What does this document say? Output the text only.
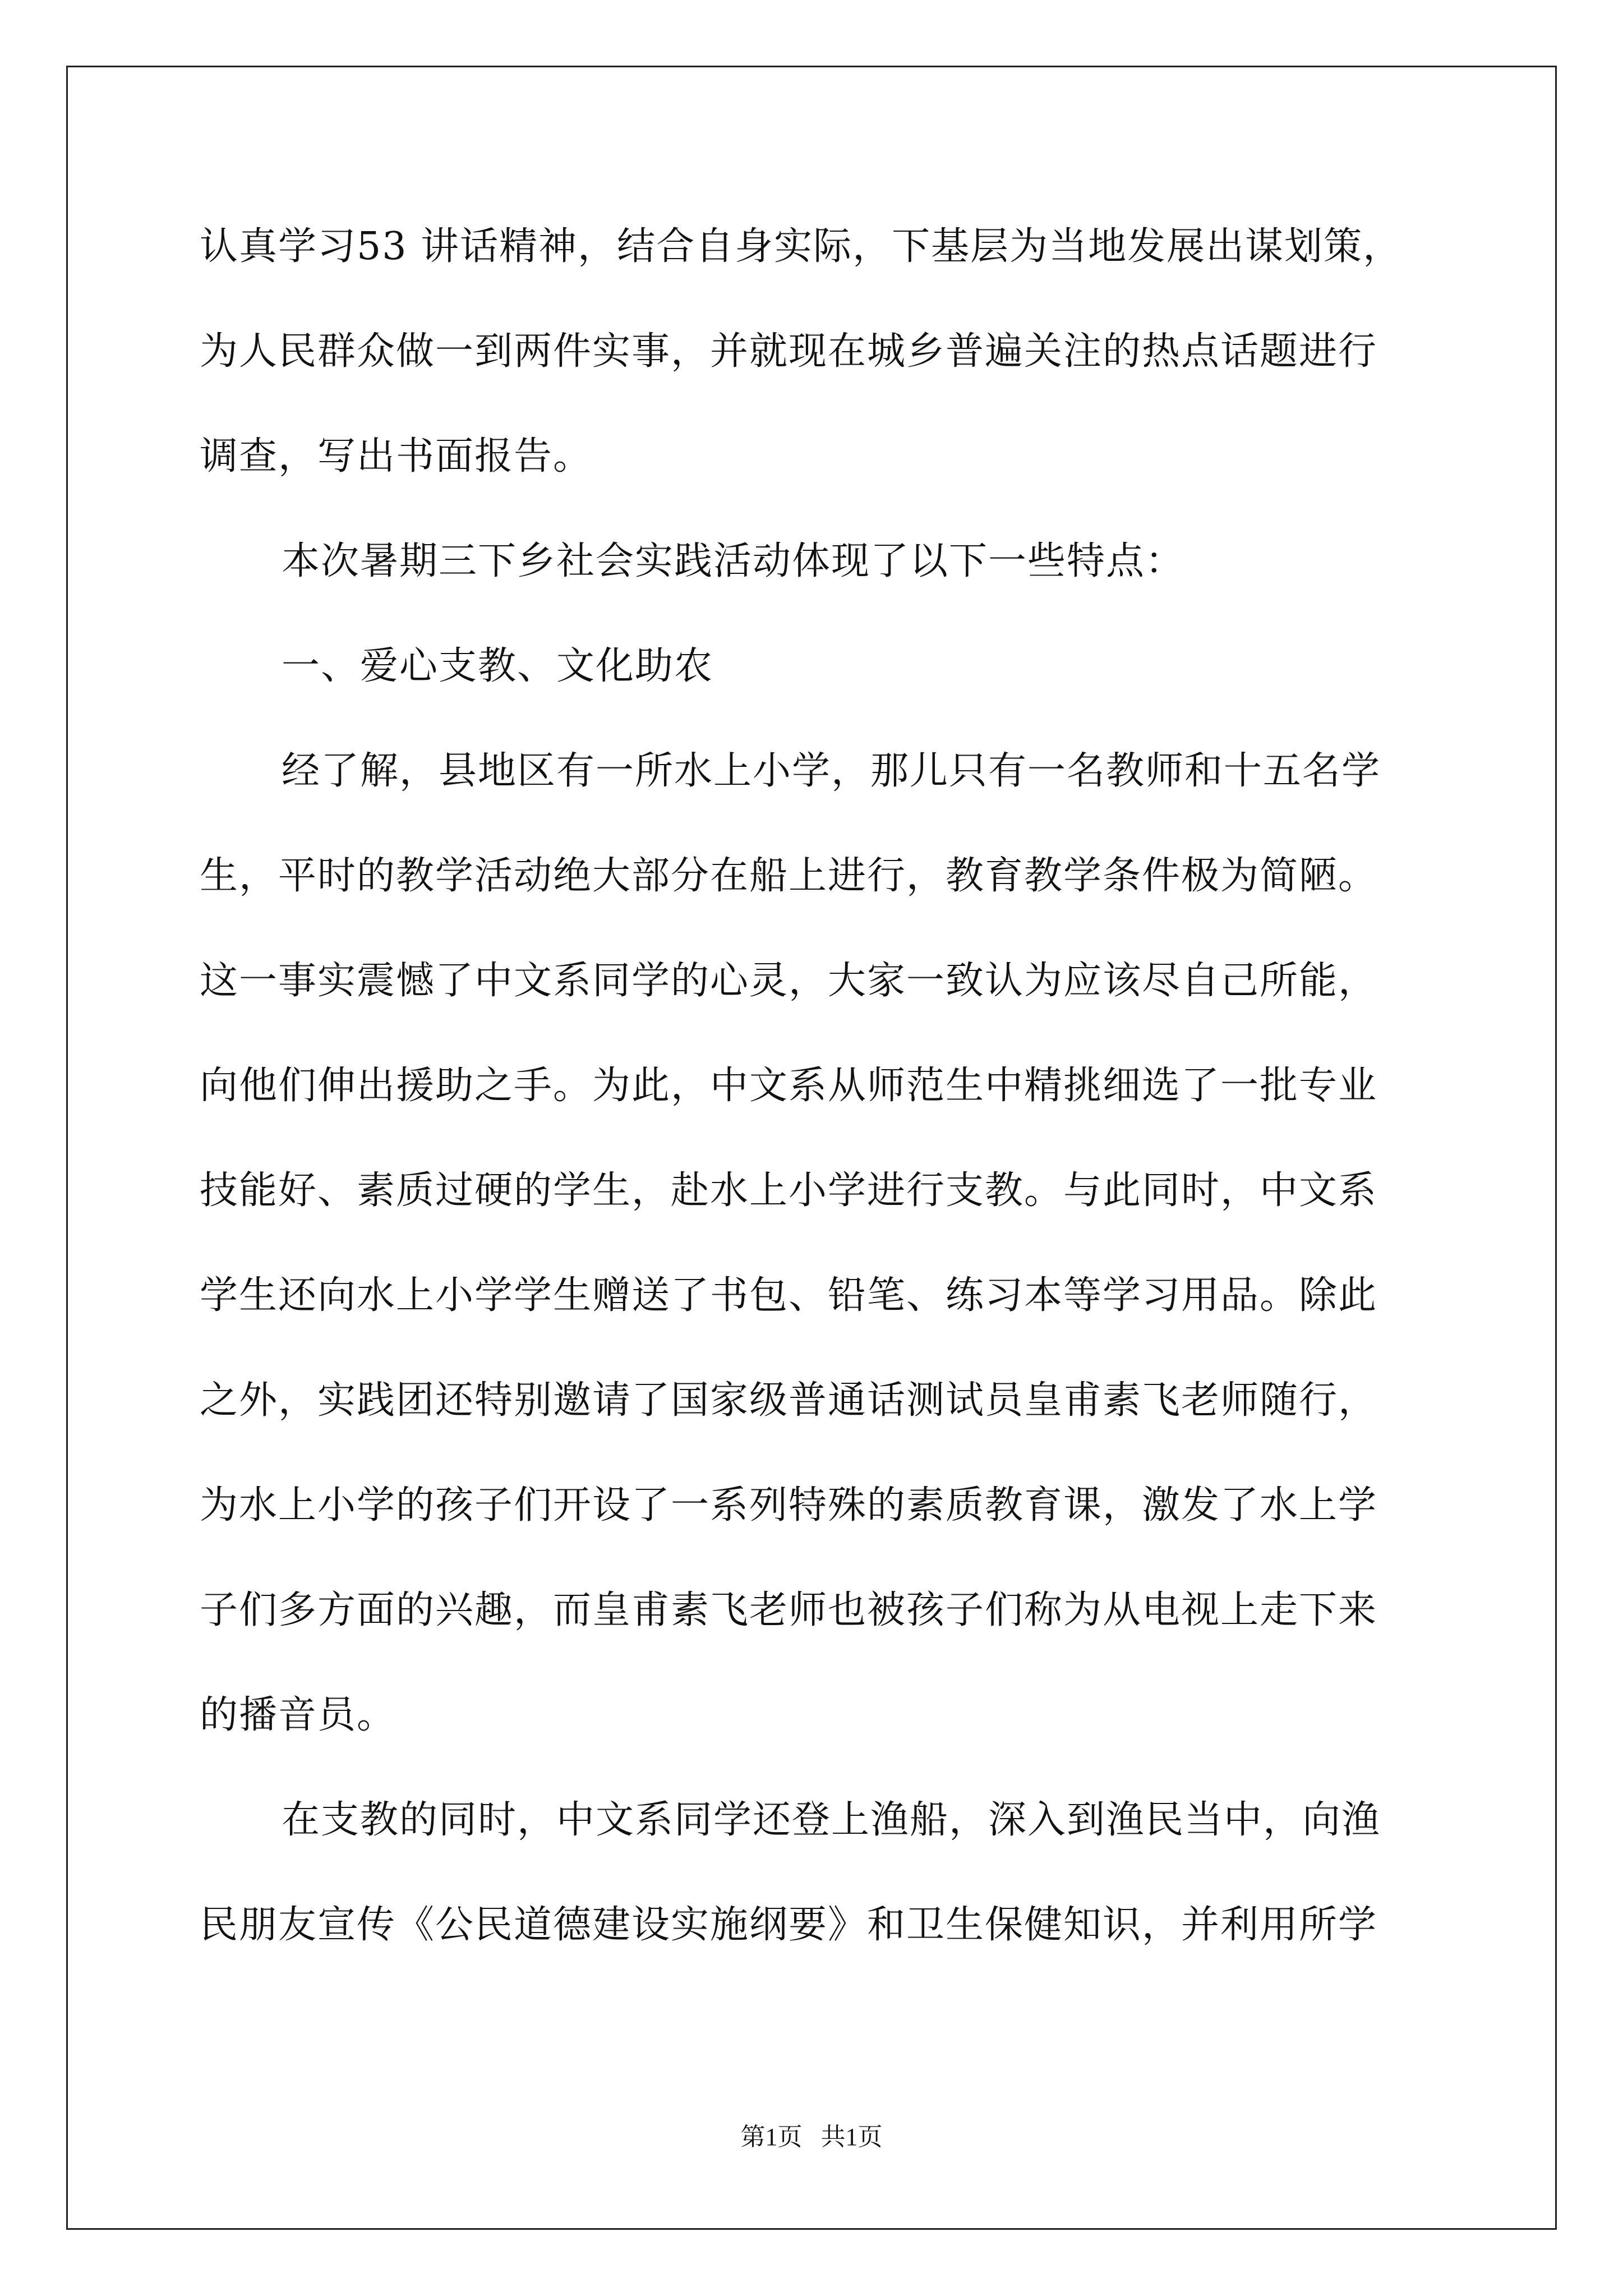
认真学习53 讲话精神，结合自身实际，下基层为当地发展出谋划策，
为人民群众做一到两件实事，并就现在城乡普遍关注的热点话题进行
调查，写出书面报告。
本次暑期三下乡社会实践活动体现了以下一些特点：
一、爱心支教、文化助农
经了解，县地区有一所水上小学，那儿只有一名教师和十五名学
生，平时的教学活动绝大部分在船上进行，教育教学条件极为简陋。
这一事实震憾了中文系同学的心灵，大家一致认为应该尽自己所能，
向他们伸出援助之手。为此，中文系从师范生中精挑细选了一批专业
技能好、素质过硬的学生，赴水上小学进行支教。与此同时，中文系
学生还向水上小学学生赠送了书包、铅笔、练习本等学习用品。除此
之外，实践团还特别邀请了国家级普通话测试员皇甫素飞老师随行，
为水上小学的孩子们开设了一系列特殊的素质教育课，激发了水上学
子们多方面的兴趣，而皇甫素飞老师也被孩子们称为从电视上走下来
的播音员。
在支教的同时，中文系同学还登上渔船，深入到渔民当中，向渔
民朋友宣传《公民道德建设实施纲要》和卫生保健知识，并利用所学
第1页   共1页
